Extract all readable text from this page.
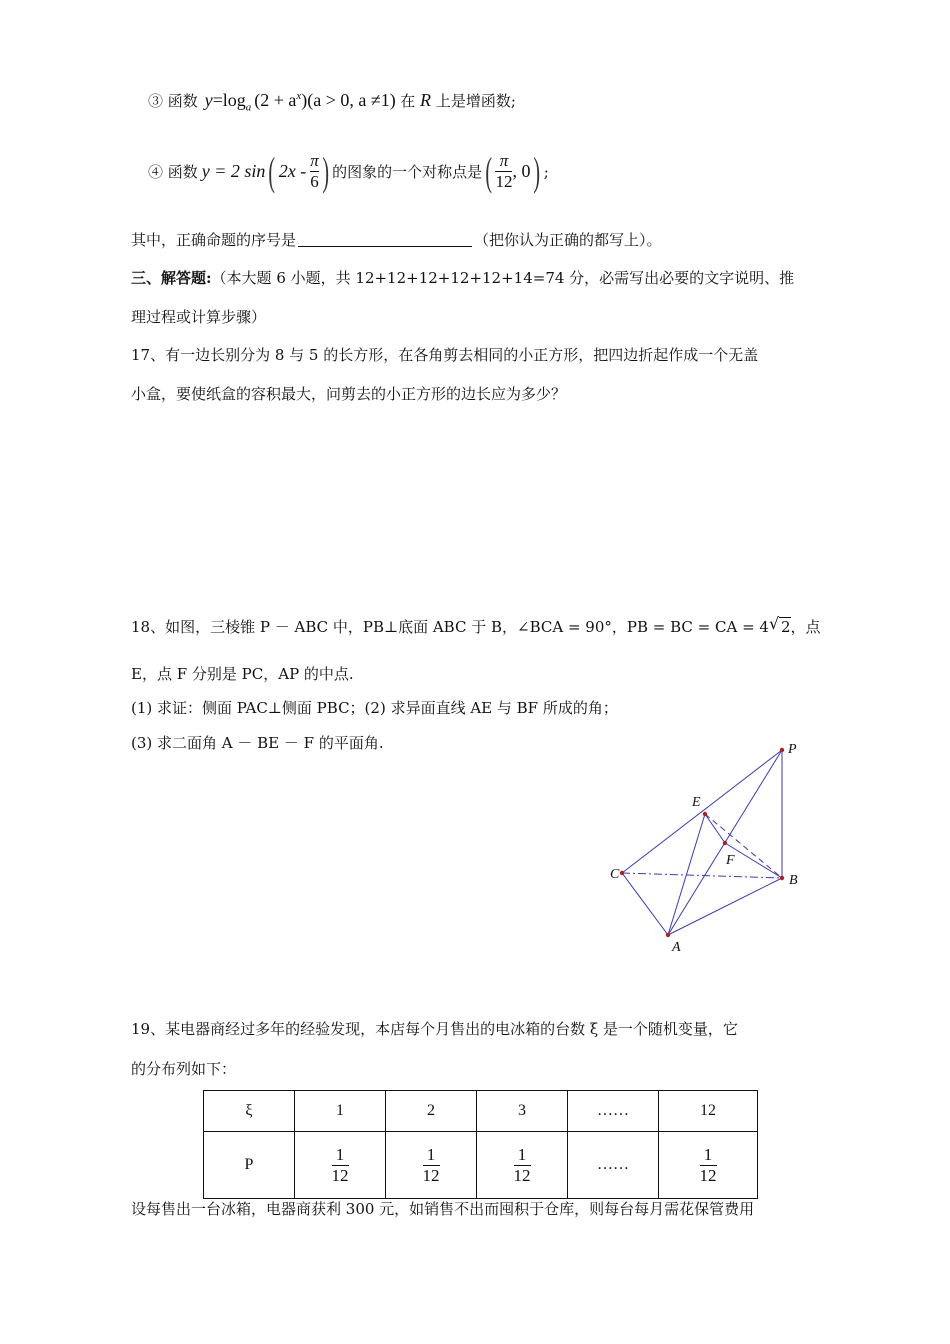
③ 函数 $y=\log_a$ $(2 + a^x)(a > 0$, a ≠1) 在 R 上是增函数;
④ 函数 y = 2 sin ( $2x - \frac{\pi}{6}$ ) 的图象的一个对称点是 ( $\frac{\pi}{12}$ , 0 ) ;
其中，正确命题的序号是	（把你认为正确的都写上）。
三、解答题:（本大题 6 小题，共 12+12+12+12+12+14=74 分，必需写出必要的文字说明、推
理过程或计算步骤）
17、有一边长别分为 8 与 5 的长方形，在各角剪去相同的小正方形，把四边折起作成一个无盖
小盒，要使纸盒的容积最大，问剪去的小正方形的边长应为多少？
18、如图，三棱锥 P － ABC 中，PB⊥底面 ABC 于 B，∠BCA = 90°，PB = BC = CA = 4 √ 2，点
E，点 F 分别是 PC，AP 的中点.
(1) 求证：侧面 PAC⊥侧面 PBC；(2) 求异面直线 AE 与 BF 所成的角；
(3) 求二面角 A － BE － F 的平面角.	P
E
F
C	B
A
19、某电器商经过多年的经验发现，本店每个月售出的电冰箱的台数 ξ 是一个随机变量，它
的分布列如下：
ξ	1	2	3	……	12
P	$\frac{1}{12}$	$\frac{1}{12}$	$\frac{1}{12}$	……	$\frac{1}{12}$
设每售出一台冰箱，电器商获利 300 元，如销售不出而囤积于仓库，则每台每月需花保管费用
